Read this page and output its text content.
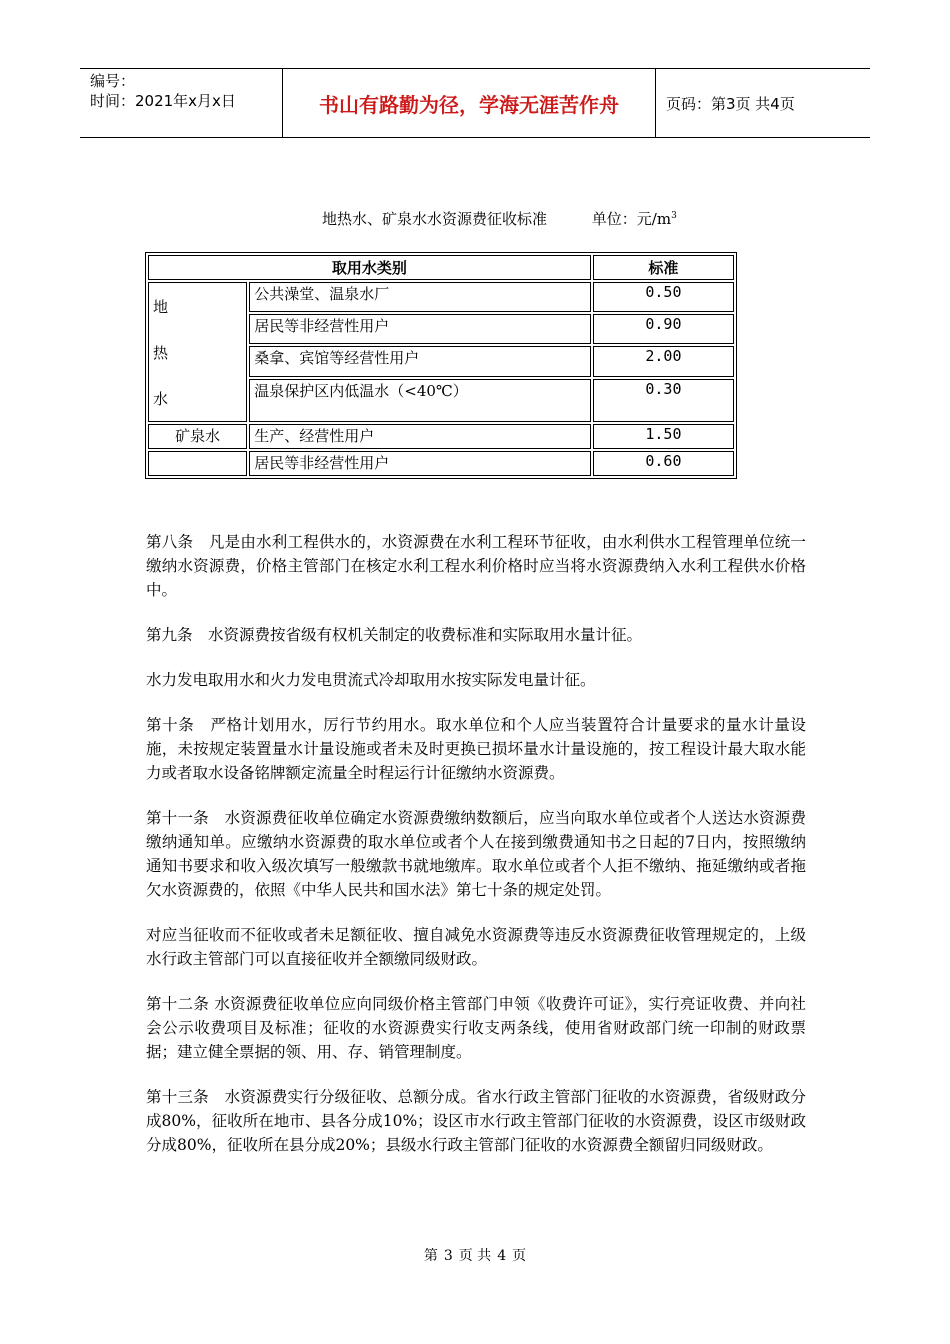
编号：
时间：2021年x月x日	书山有路勤为径，学海无涯苦作舟	页码：第3页 共4页
地热水、矿泉水水资源费征收标准	单位：元$/m^3$
取用水类别		标准

地
热
水	公共澡堂、温泉水厂	0.50
	居民等非经营性用户	0.90
	桑拿、宾馆等经营性用户	2.00
	温泉保护区内低温水（<40℃）	0.30
矿泉水	生产、经营性用户	1.50
	居民等非经营性用户	0.60

第八条　凡是由水利工程供水的，水资源费在水利工程环节征收，由水利供水工程管理单位统一缴纳水资源费，价格主管部门在核定水利工程水利价格时应当将水资源费纳入水利工程供水价格中。

第九条　水资源费按省级有权机关制定的收费标准和实际取用水量计征。

水力发电取用水和火力发电贯流式冷却取用水按实际发电量计征。

第十条　严格计划用水，厉行节约用水。取水单位和个人应当装置符合计量要求的量水计量设施，未按规定装置量水计量设施或者未及时更换已损坏量水计量设施的，按工程设计最大取水能力或者取水设备铭牌额定流量全时程运行计征缴纳水资源费。

第十一条　水资源费征收单位确定水资源费缴纳数额后，应当向取水单位或者个人送达水资源费缴纳通知单。应缴纳水资源费的取水单位或者个人在接到缴费通知书之日起的7日内，按照缴纳通知书要求和收入级次填写一般缴款书就地缴库。取水单位或者个人拒不缴纳、拖延缴纳或者拖欠水资源费的，依照《中华人民共和国水法》第七十条的规定处罚。

对应当征收而不征收或者未足额征收、擅自减免水资源费等违反水资源费征收管理规定的，上级水行政主管部门可以直接征收并全额缴同级财政。

第十二条 水资源费征收单位应向同级价格主管部门申领《收费许可证》，实行亮证收费、并向社会公示收费项目及标准；征收的水资源费实行收支两条线，使用省财政部门统一印制的财政票据；建立健全票据的领、用、存、销管理制度。

第十三条　水资源费实行分级征收、总额分成。省水行政主管部门征收的水资源费，省级财政分成80%，征收所在地市、县各分成10%；设区市水行政主管部门征收的水资源费，设区市级财政分成80%，征收所在县分成20%；县级水行政主管部门征收的水资源费全额留归同级财政。

第 3 页 共 4 页
